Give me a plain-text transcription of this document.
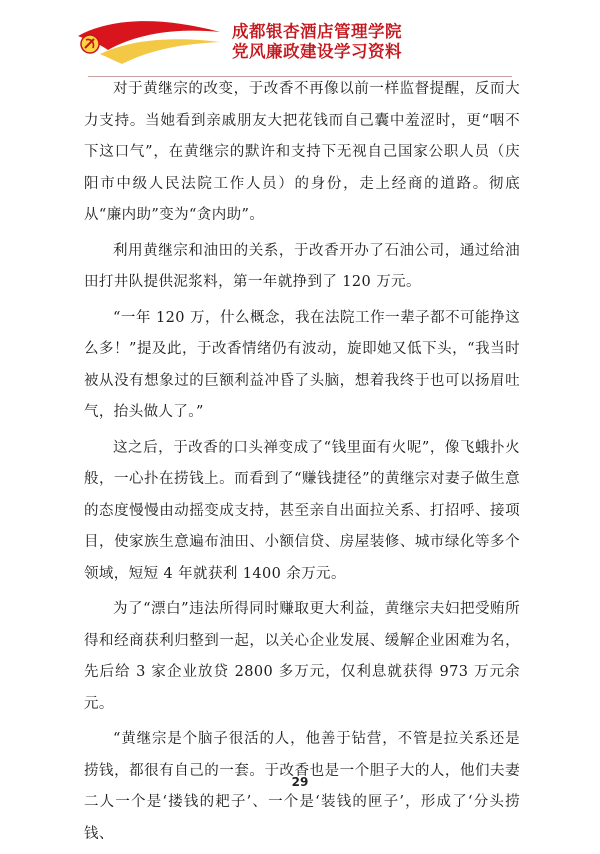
成都银杏酒店管理学院
党风廉政建设学习资料

对于黄继宗的改变，于改香不再像以前一样监督提醒，反而大力支持。当她看到亲戚朋友大把花钱而自己囊中羞涩时，更“咽不下这口气”，在黄继宗的默许和支持下无视自己国家公职人员（庆阳市中级人民法院工作人员）的身份，走上经商的道路。彻底从“廉内助”变为“贪内助”。

利用黄继宗和油田的关系，于改香开办了石油公司，通过给油田打井队提供泥浆料，第一年就挣到了 120 万元。

“一年 120 万，什么概念，我在法院工作一辈子都不可能挣这么多！”提及此，于改香情绪仍有波动，旋即她又低下头，“我当时被从没有想象过的巨额利益冲昏了头脑，想着我终于也可以扬眉吐气，抬头做人了。”

这之后，于改香的口头禅变成了“钱里面有火呢”，像飞蛾扑火般，一心扑在捞钱上。而看到了“赚钱捷径”的黄继宗对妻子做生意的态度慢慢由动摇变成支持，甚至亲自出面拉关系、打招呼、接项目，使家族生意遍布油田、小额信贷、房屋装修、城市绿化等多个领域，短短 4 年就获利 1400 余万元。

为了“漂白”违法所得同时赚取更大利益，黄继宗夫妇把受贿所得和经商获利归整到一起，以关心企业发展、缓解企业困难为名，先后给 3 家企业放贷 2800 多万元，仅利息就获得 973 万元余元。

“黄继宗是个脑子很活的人，他善于钻营，不管是拉关系还是捞钱，都很有自己的一套。于改香也是一个胆子大的人，他们夫妻二人一个是‘搂钱的耙子’、一个是‘装钱的匣子’，形成了‘分头捞钱、

29
